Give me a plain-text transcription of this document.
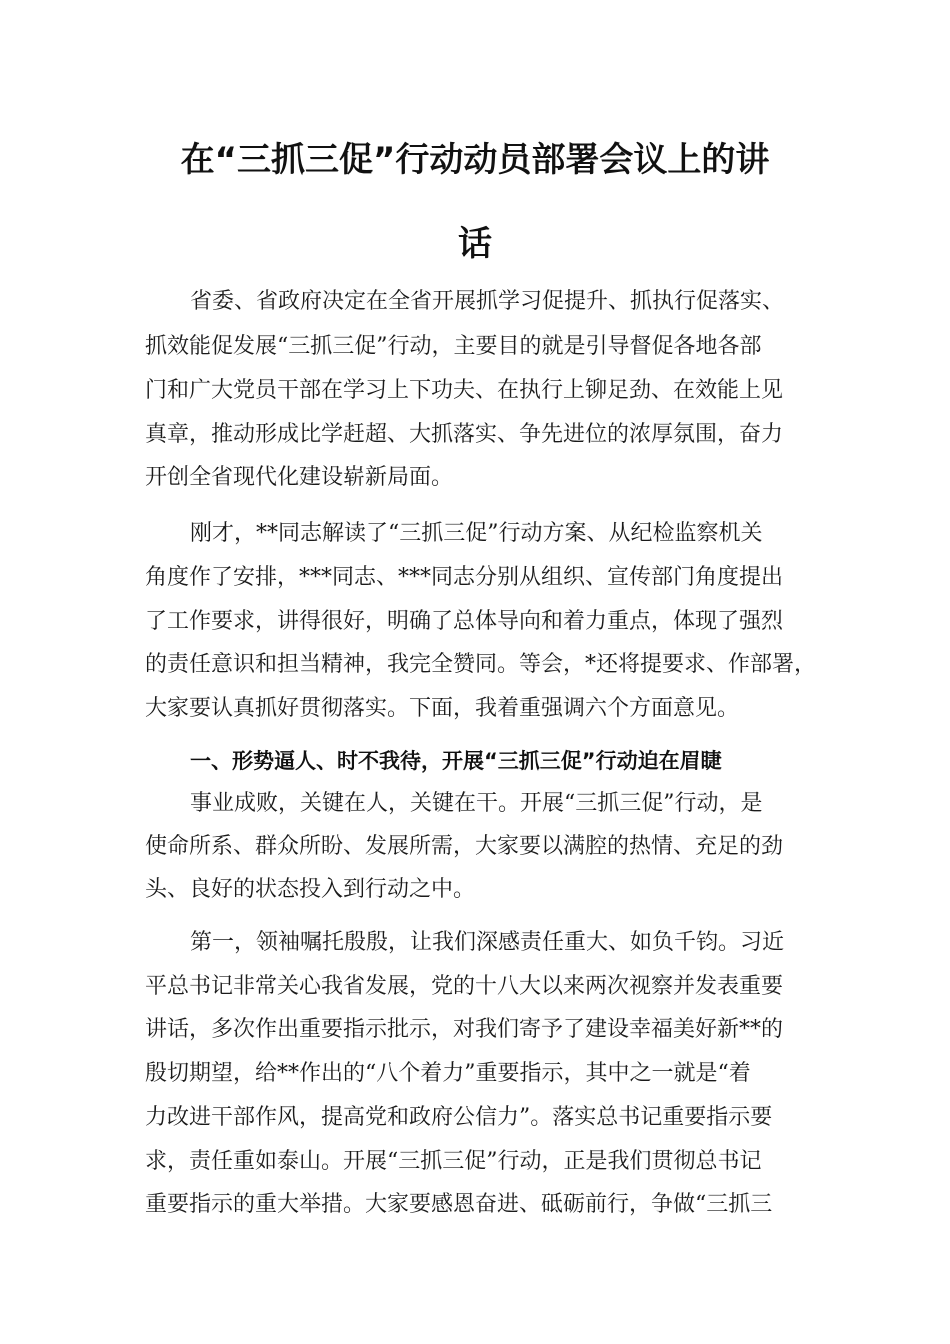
在“三抓三促”行动动员部署会议上的讲
话
省委、省政府决定在全省开展抓学习促提升、抓执行促落实、
抓效能促发展“三抓三促”行动，主要目的就是引导督促各地各部
门和广大党员干部在学习上下功夫、在执行上铆足劲、在效能上见
真章，推动形成比学赶超、大抓落实、争先进位的浓厚氛围，奋力
开创全省现代化建设崭新局面。
刚才，**同志解读了“三抓三促”行动方案、从纪检监察机关
角度作了安排，***同志、***同志分别从组织、宣传部门角度提出
了工作要求，讲得很好，明确了总体导向和着力重点，体现了强烈
的责任意识和担当精神，我完全赞同。等会，*还将提要求、作部署，
大家要认真抓好贯彻落实。下面，我着重强调六个方面意见。
一、形势逼人、时不我待，开展“三抓三促”行动迫在眉睫
事业成败，关键在人，关键在干。开展“三抓三促”行动，是
使命所系、群众所盼、发展所需，大家要以满腔的热情、充足的劲
头、良好的状态投入到行动之中。
第一，领袖嘱托殷殷，让我们深感责任重大、如负千钧。习近
平总书记非常关心我省发展，党的十八大以来两次视察并发表重要
讲话，多次作出重要指示批示，对我们寄予了建设幸福美好新**的
殷切期望，给**作出的“八个着力”重要指示，其中之一就是“着
力改进干部作风，提高党和政府公信力”。落实总书记重要指示要
求，责任重如泰山。开展“三抓三促”行动，正是我们贯彻总书记
重要指示的重大举措。大家要感恩奋进、砥砺前行，争做“三抓三
